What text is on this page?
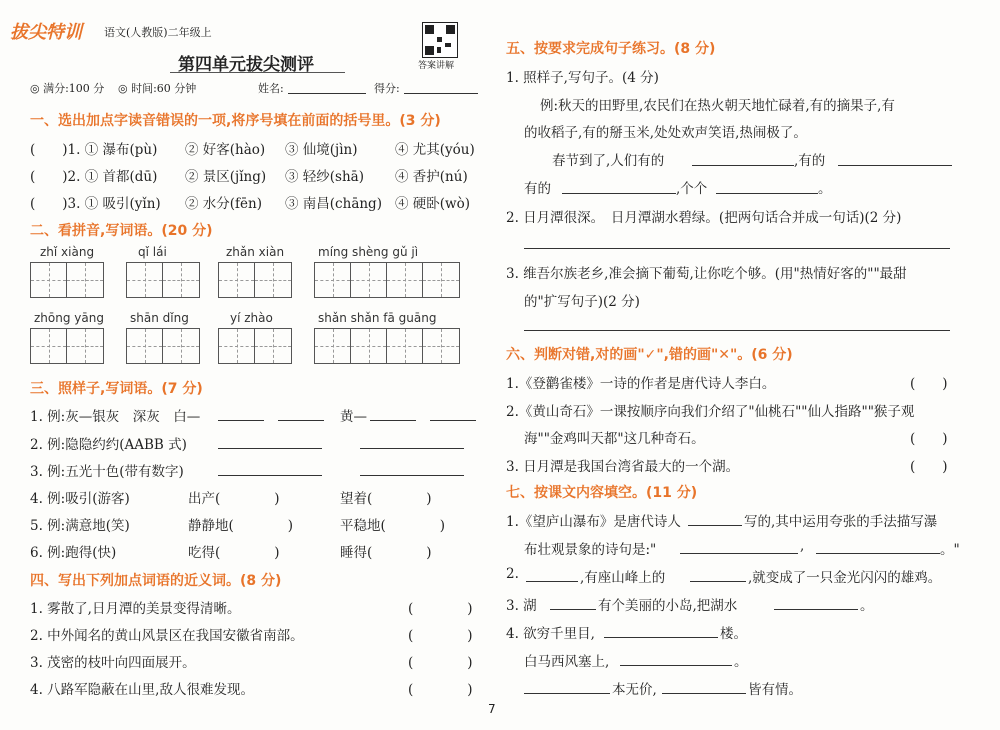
拔尖特训 语文(人教版)二年级上
第四单元拔尖测评	答案讲解
◎ 满分:100 分 ◎ 时间:60 分钟	姓名:	得分:
一、选出加点字读音错误的一项,将序号填在前面的括号里。(3 分)
(　　)1. ① 瀑布(pù) ② 好客(hào) ③ 仙境(jìn)	④ 尤其(yóu)
(　　)2. ① 首都(dū) ② 景区(jǐng) ③ 轻纱(shā) ④ 香护(nú)
(　　)3. ① 吸引(yǐn) ② 水分(fēn) ③ 南昌(chāng) ④ 硬卧(wò)
二、看拼音,写词语。(20 分)
zhǐ xiàng	qǐ lái	zhǎn xiàn	míng shèng gǔ jì
zhōng yāng shān dǐng	yí zhào	shǎn shǎn fā guāng
三、照样子,写词语。(7 分)
1. 例:灰—银灰　深灰　白—	黄—
2. 例:隐隐约约(AABB 式)
3. 例:五光十色(带有数字)
4. 例:吸引(游客)	出产(　　　　)	望着(　　　　)
5. 例:满意地(笑)	静静地(　　　　)	平稳地(　　　　)
6. 例:跑得(快)	吃得(　　　　)	睡得(　　　　)
四、写出下列加点词语的近义词。(8 分)
1. 雾散了,日月潭的美景变得清晰。	(　　　　)
2. 中外闻名的黄山风景区在我国安徽省南部。	(　　　　)
3. 茂密的枝叶向四面展开。	(　　　　)
4. 八路军隐蔽在山里,敌人很难发现。	(　　　　)
五、按要求完成句子练习。(8 分)
1. 照样子,写句子。(4 分)
例:秋天的田野里,农民们在热火朝天地忙碌着,有的摘果子,有
的收稻子,有的掰玉米,处处欢声笑语,热闹极了。
春节到了,人们有的	,有的
有的	,个个	。
2. 日月潭很深。　日月潭湖水碧绿。(把两句话合并成一句话)(2 分)
3. 维吾尔族老乡,准会摘下葡萄,让你吃个够。(用"热情好客的""最甜
的"扩写句子)(2 分)
六、判断对错,对的画"✓",错的画"✕"。(6 分)
1.《登鹳雀楼》一诗的作者是唐代诗人李白。	(　　)
2.《黄山奇石》一课按顺序向我们介绍了"仙桃石""仙人指路""猴子观
海""金鸡叫天都"这几种奇石。	(　　)
3. 日月潭是我国台湾省最大的一个湖。	(　　)
七、按课文内容填空。(11 分)
1.《望庐山瀑布》是唐代诗人	写的,其中运用夸张的手法描写瀑
布壮观景象的诗句是:"	,	。"
2.	,有座山峰上的	,就变成了一只金光闪闪的雄鸡。
3. 湖	有个美丽的小岛,把湖水	。
4. 欲穷千里目,	楼。
白马西风塞上,	。
本无价,	皆有情。
7
